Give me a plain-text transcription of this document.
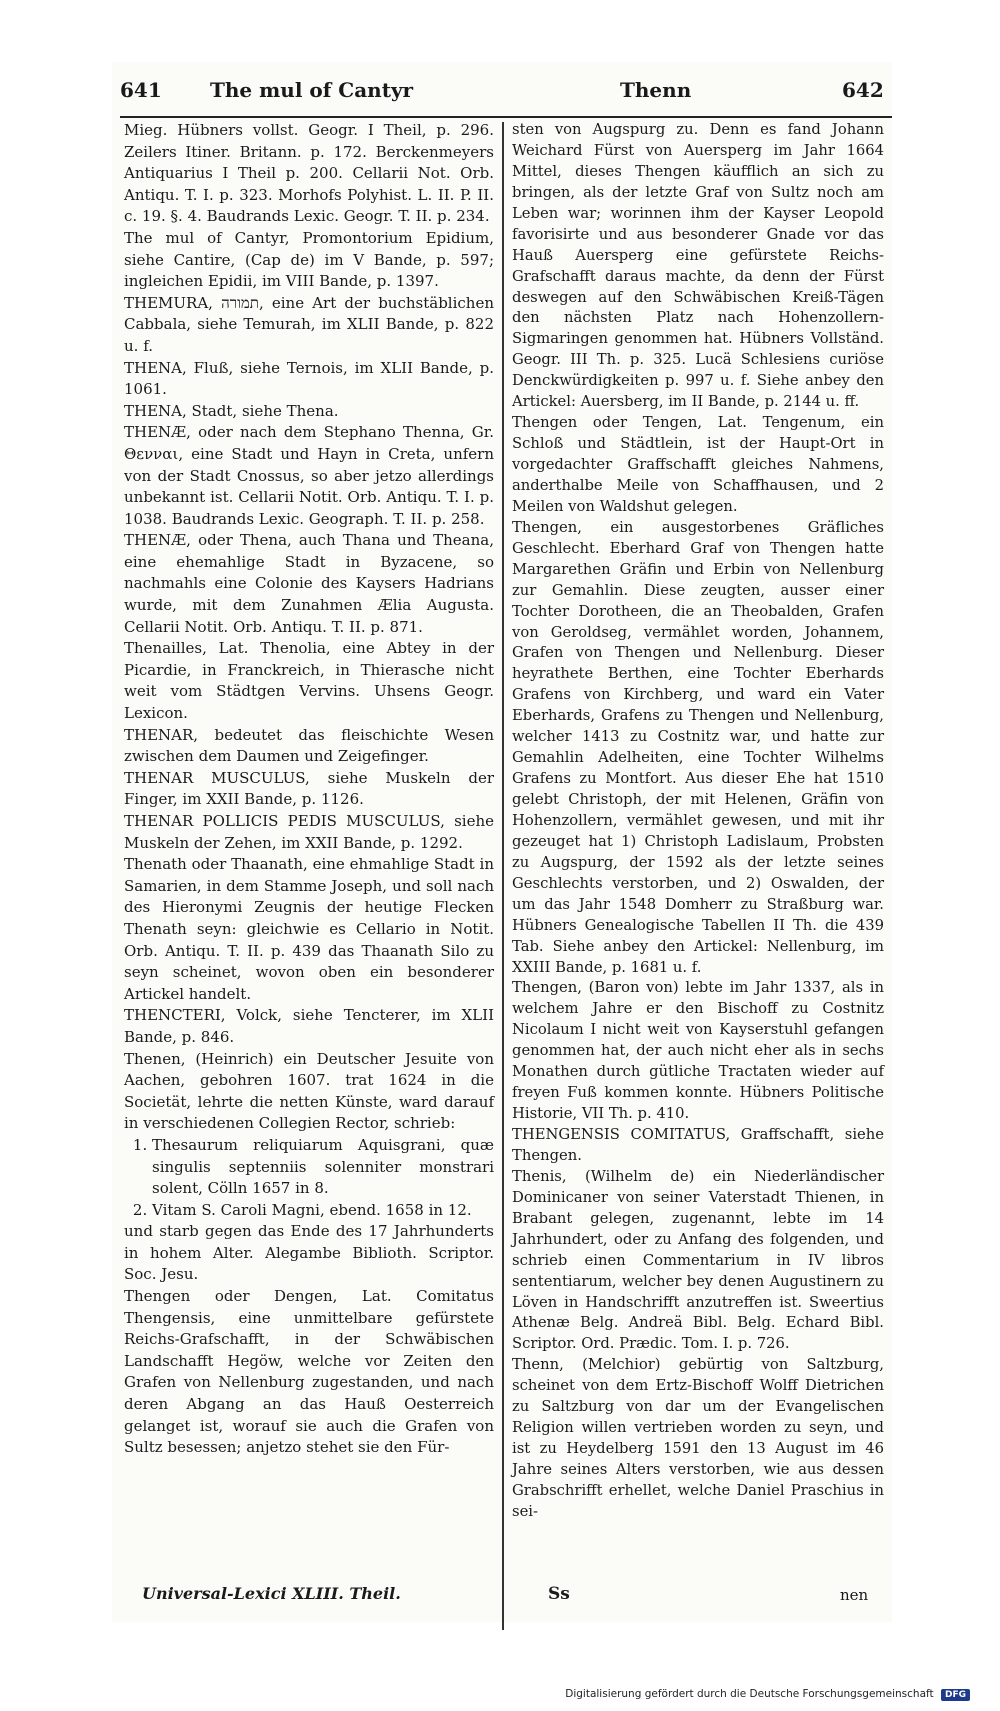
641 The mul of Cantyr	Thenn	642

Mieg. Hübners vollst. Geogr. I Theil, p. 296. Zeilers Itiner. Britann. p. 172. Berckenmeyers Antiquarius I Theil p. 200. Cellarii Not. Orb. Antiqu. T. I. p. 323. Morhofs Polyhist. L. II. P. II. c. 19. §. 4. Baudrands Lexic. Geogr. T. II. p. 234.

The mul of Cantyr, Promontorium Epidium, siehe Cantire, (Cap de) im V Bande, p. 597; ingleichen Epidii, im VIII Bande, p. 1397.

THEMURA, תמורה, eine Art der buchstäblichen Cabbala, siehe Temurah, im XLII Bande, p. 822 u. f.

THENA, Fluß, siehe Ternois, im XLII Bande, p. 1061.

THENA, Stadt, siehe Thena.

THENÆ, oder nach dem Stephano Thenna, Gr. Θενναι, eine Stadt und Hayn in Creta, unfern von der Stadt Cnossus, so aber jetzo allerdings unbekannt ist. Cellarii Notit. Orb. Antiqu. T. I. p. 1038. Baudrands Lexic. Geograph. T. II. p. 258.

THENÆ, oder Thena, auch Thana und Theana, eine ehemahlige Stadt in Byzacene, so nachmahls eine Colonie des Kaysers Hadrians wurde, mit dem Zunahmen Ælia Augusta. Cellarii Notit. Orb. Antiqu. T. II. p. 871.

Thenailles, Lat. Thenolia, eine Abtey in der Picardie, in Franckreich, in Thierasche nicht weit vom Städtgen Vervins. Uhsens Geogr. Lexicon.

THENAR, bedeutet das fleischichte Wesen zwischen dem Daumen und Zeigefinger.

THENAR MUSCULUS, siehe Muskeln der Finger, im XXII Bande, p. 1126.

THENAR POLLICIS PEDIS MUSCULUS, siehe Muskeln der Zehen, im XXII Bande, p. 1292.

Thenath oder Thaanath, eine ehmahlige Stadt in Samarien, in dem Stamme Joseph, und soll nach des Hieronymi Zeugnis der heutige Flecken Thenath seyn: gleichwie es Cellario in Notit. Orb. Antiqu. T. II. p. 439 das Thaanath Silo zu seyn scheinet, wovon oben ein besonderer Artickel handelt.

THENCTERI, Volck, siehe Tencterer, im XLII Bande, p. 846.

Thenen, (Heinrich) ein Deutscher Jesuite von Aachen, gebohren 1607. trat 1624 in die Societät, lehrte die netten Künste, ward darauf in verschiedenen Collegien Rector, schrieb:

1. Thesaurum reliquiarum Aquisgrani, quæ singulis septenniis solenniter monstrari solent, Cölln 1657 in 8.
2. Vitam S. Caroli Magni, ebend. 1658 in 12.

und starb gegen das Ende des 17 Jahrhunderts in hohem Alter. Alegambe Biblioth. Scriptor. Soc. Jesu.

Thengen oder Dengen, Lat. Comitatus Thengensis, eine unmittelbare gefürstete Reichs-Grafschafft, in der Schwäbischen Landschafft Hegöw, welche vor Zeiten den Grafen von Nellenburg zugestanden, und nach deren Abgang an das Hauß Oesterreich gelanget ist, worauf sie auch die Grafen von Sultz besessen; anjetzo stehet sie den Für-

sten von Augspurg zu. Denn es fand Johann Weichard Fürst von Auersperg im Jahr 1664 Mittel, dieses Thengen käufflich an sich zu bringen, als der letzte Graf von Sultz noch am Leben war; worinnen ihm der Kayser Leopold favorisirte und aus besonderer Gnade vor das Hauß Auersperg eine gefürstete Reichs-Grafschafft daraus machte, da denn der Fürst deswegen auf den Schwäbischen Kreiß-Tägen den nächsten Platz nach Hohenzollern-Sigmaringen genommen hat. Hübners Vollständ. Geogr. III Th. p. 325. Lucä Schlesiens curiöse Denckwürdigkeiten p. 997 u. f. Siehe anbey den Artickel: Auersberg, im II Bande, p. 2144 u. ff.

Thengen oder Tengen, Lat. Tengenum, ein Schloß und Städtlein, ist der Haupt-Ort in vorgedachter Graffschafft gleiches Nahmens, anderthalbe Meile von Schaffhausen, und 2 Meilen von Waldshut gelegen.

Thengen, ein ausgestorbenes Gräfliches Geschlecht. Eberhard Graf von Thengen hatte Margarethen Gräfin und Erbin von Nellenburg zur Gemahlin. Diese zeugten, ausser einer Tochter Dorotheen, die an Theobalden, Grafen von Geroldseg, vermählet worden, Johannem, Grafen von Thengen und Nellenburg. Dieser heyrathete Berthen, eine Tochter Eberhards Grafens von Kirchberg, und ward ein Vater Eberhards, Grafens zu Thengen und Nellenburg, welcher 1413 zu Costnitz war, und hatte zur Gemahlin Adelheiten, eine Tochter Wilhelms Grafens zu Montfort. Aus dieser Ehe hat 1510 gelebt Christoph, der mit Helenen, Gräfin von Hohenzollern, vermählet gewesen, und mit ihr gezeuget hat 1) Christoph Ladislaum, Probsten zu Augspurg, der 1592 als der letzte seines Geschlechts verstorben, und 2) Oswalden, der um das Jahr 1548 Domherr zu Straßburg war. Hübners Genealogische Tabellen II Th. die 439 Tab. Siehe anbey den Artickel: Nellenburg, im XXIII Bande, p. 1681 u. f.

Thengen, (Baron von) lebte im Jahr 1337, als in welchem Jahre er den Bischoff zu Costnitz Nicolaum I nicht weit von Kayserstuhl gefangen genommen hat, der auch nicht eher als in sechs Monathen durch gütliche Tractaten wieder auf freyen Fuß kommen konnte. Hübners Politische Historie, VII Th. p. 410.

THENGENSIS COMITATUS, Graffschafft, siehe Thengen.

Thenis, (Wilhelm de) ein Niederländischer Dominicaner von seiner Vaterstadt Thienen, in Brabant gelegen, zugenannt, lebte im 14 Jahrhundert, oder zu Anfang des folgenden, und schrieb einen Commentarium in IV libros sententiarum, welcher bey denen Augustinern zu Löven in Handschrifft anzutreffen ist. Sweertius Athenæ Belg. Andreä Bibl. Belg. Echard Bibl. Scriptor. Ord. Prædic. Tom. I. p. 726.

Thenn, (Melchior) gebürtig von Saltzburg, scheinet von dem Ertz-Bischoff Wolff Dietrichen zu Saltzburg von dar um der Evangelischen Religion willen vertrieben worden zu seyn, und ist zu Heydelberg 1591 den 13 August im 46 Jahre seines Alters verstorben, wie aus dessen Grabschrifft erhellet, welche Daniel Praschius in sei-

Universal-Lexici XLIII. Theil.	Ss	nen
Digitalisierung gefördert durch die Deutsche Forschungsgemeinschaft DFG
